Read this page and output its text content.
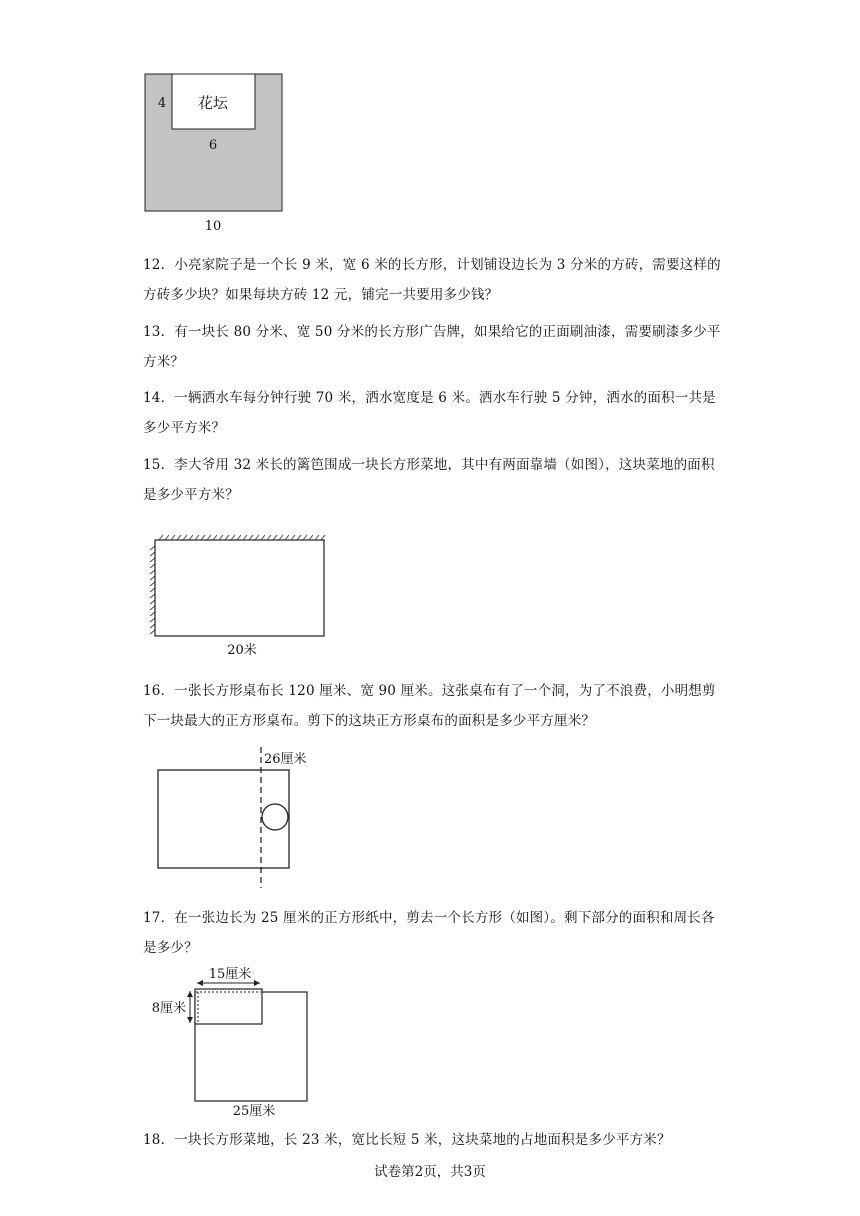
花坛
4
6
10

12．小亮家院子是一个长 9 米，宽 6 米的长方形，计划铺设边长为 3 分米的方砖，需要这样的方砖多少块？如果每块方砖 12 元，铺完一共要用多少钱？

13．有一块长 80 分米、宽 50 分米的长方形广告牌，如果给它的正面刷油漆，需要刷漆多少平方米？

14．一辆洒水车每分钟行驶 70 米，洒水宽度是 6 米。洒水车行驶 5 分钟，洒水的面积一共是多少平方米？

15．李大爷用 32 米长的篱笆围成一块长方形菜地，其中有两面靠墙（如图），这块菜地的面积是多少平方米？

20米

16．一张长方形桌布长 120 厘米、宽 90 厘米。这张桌布有了一个洞，为了不浪费，小明想剪下一块最大的正方形桌布。剪下的这块正方形桌布的面积是多少平方厘米？

26厘米

17．在一张边长为 25 厘米的正方形纸中，剪去一个长方形（如图）。剩下部分的面积和周长各是多少？

15厘米
8厘米
25厘米

18．一块长方形菜地，长 23 米，宽比长短 5 米，这块菜地的占地面积是多少平方米？

试卷第2页，共3页
